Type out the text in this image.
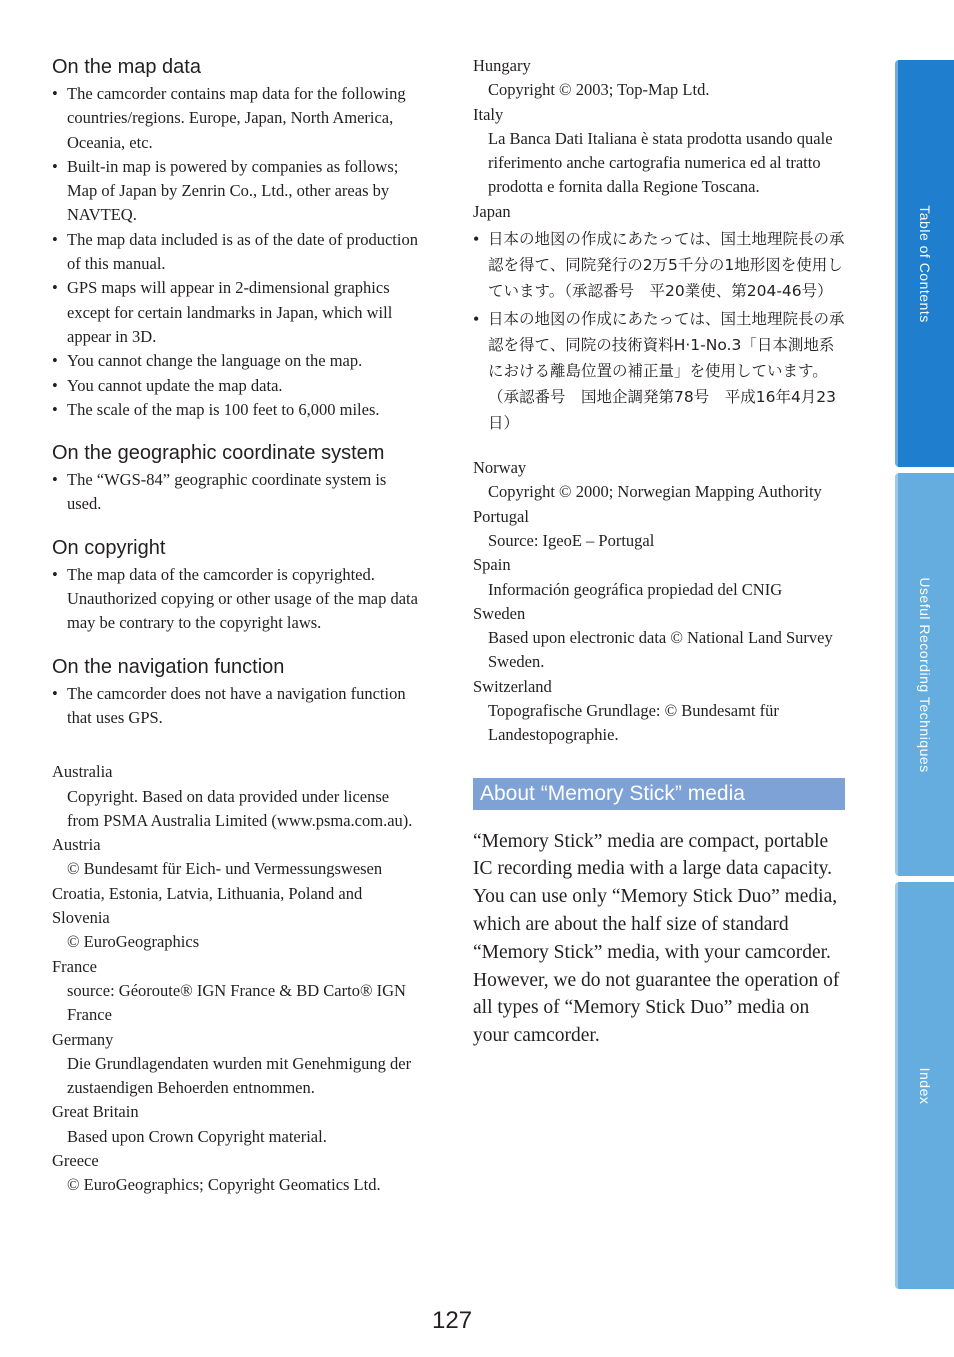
On the map data
• The camcorder contains map data for the following countries/regions. Europe, Japan, North America, Oceania, etc.
• Built-in map is powered by companies as follows; Map of Japan by Zenrin Co., Ltd., other areas by NAVTEQ.
• The map data included is as of the date of production of this manual.
• GPS maps will appear in 2-dimensional graphics except for certain landmarks in Japan, which will appear in 3D.
• You cannot change the language on the map.
• You cannot update the map data.
• The scale of the map is 100 feet to 6,000 miles.
On the geographic coordinate system
• The “WGS-84” geographic coordinate system is used.
On copyright
• The map data of the camcorder is copyrighted. Unauthorized copying or other usage of the map data may be contrary to the copyright laws.
On the navigation function
• The camcorder does not have a navigation function that uses GPS.
Australia
Copyright. Based on data provided under license from PSMA Australia Limited (www.psma.com.au).
Austria
© Bundesamt für Eich- und Vermessungswesen
Croatia, Estonia, Latvia, Lithuania, Poland and Slovenia
© EuroGeographics
France
source: Géoroute® IGN France & BD Carto® IGN France
Germany
Die Grundlagendaten wurden mit Genehmigung der zustaendigen Behoerden entnommen.
Great Britain
Based upon Crown Copyright material.
Greece
© EuroGeographics; Copyright Geomatics Ltd.
Hungary
Copyright © 2003; Top-Map Ltd.
Italy
La Banca Dati Italiana è stata prodotta usando quale riferimento anche cartografia numerica ed al tratto prodotta e fornita dalla Regione Toscana.
Japan
• 日本の地図の作成にあたっては、国土地理院長の承認を得て、同院発行の2万5千分の1地形図を使用しています。（承認番号　平20業使、第204-46号）
• 日本の地図の作成にあたっては、国土地理院長の承認を得て、同院の技術資料H·1-No.3「日本測地系における離島位置の補正量」を使用しています。（承認番号　国地企調発第78号　平成16年4月23日）
Norway
Copyright © 2000; Norwegian Mapping Authority
Portugal
Source: IgeoE – Portugal
Spain
Información geográfica propiedad del CNIG
Sweden
Based upon electronic data © National Land Survey Sweden.
Switzerland
Topografische Grundlage: © Bundesamt für Landestopographie.
About “Memory Stick” media

“Memory Stick” media are compact, portable IC recording media with a large data capacity.

You can use only “Memory Stick Duo” media, which are about the half size of standard “Memory Stick” media, with your camcorder.

However, we do not guarantee the operation of all types of “Memory Stick Duo” media on your camcorder.

Table of Contents
Useful Recording Techniques
Index
127
